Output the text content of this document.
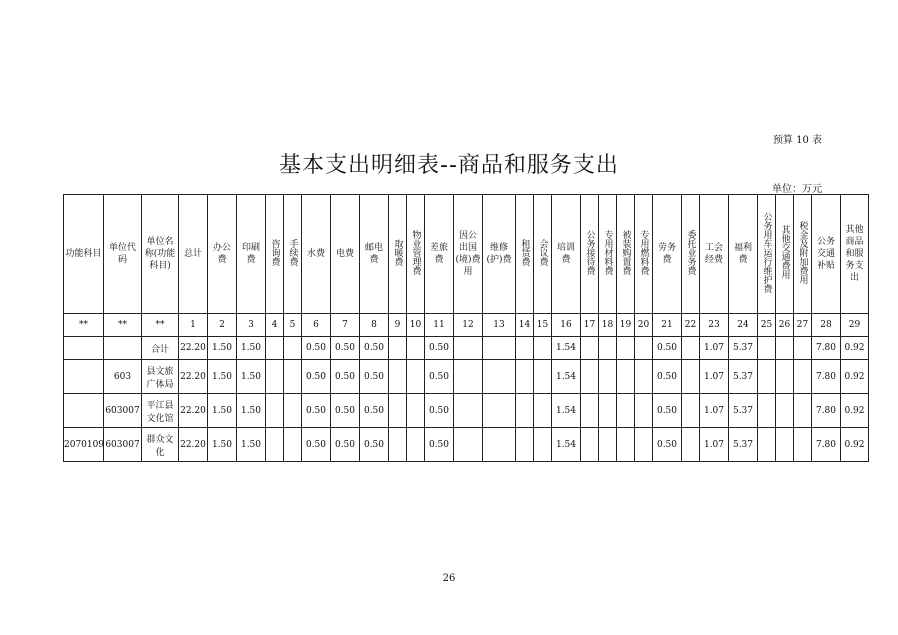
预算 10 表
基本支出明细表--商品和服务支出
单位：万元
功能科目	单位代码	单位名称(功能科目)	总计	办公费	印刷费	咨询费	手续费	水费	电费	邮电费	取暖费	物业管理费	差旅费	因公出国(境)费用	维修(护)费	租赁费	会议费	培训费	公务接待费	专用材料费	被装购置费	专用燃料费	劳务费	委托业务费	工会经费	福利费	公务用车运行维护费	其他交通费用	税金及附加费用	公务交通补贴	其他商品和服务支出
**	**	**	1	2	3	4	5	6	7	8	9	10	11	12	13	14	15	16	17	18	19	20	21	22	23	24	25	26	27	28	29
		合计	22.20	1.50	1.50			0.50	0.50	0.50			0.50					1.54					0.50		1.07	5.37				7.80	0.92
	603	县文旅广体局	22.20	1.50	1.50			0.50	0.50	0.50			0.50					1.54					0.50		1.07	5.37				7.80	0.92
	603007	平江县文化馆	22.20	1.50	1.50			0.50	0.50	0.50			0.50					1.54					0.50		1.07	5.37				7.80	0.92
2070109	603007	群众文化	22.20	1.50	1.50			0.50	0.50	0.50			0.50					1.54					0.50		1.07	5.37				7.80	0.92
26
